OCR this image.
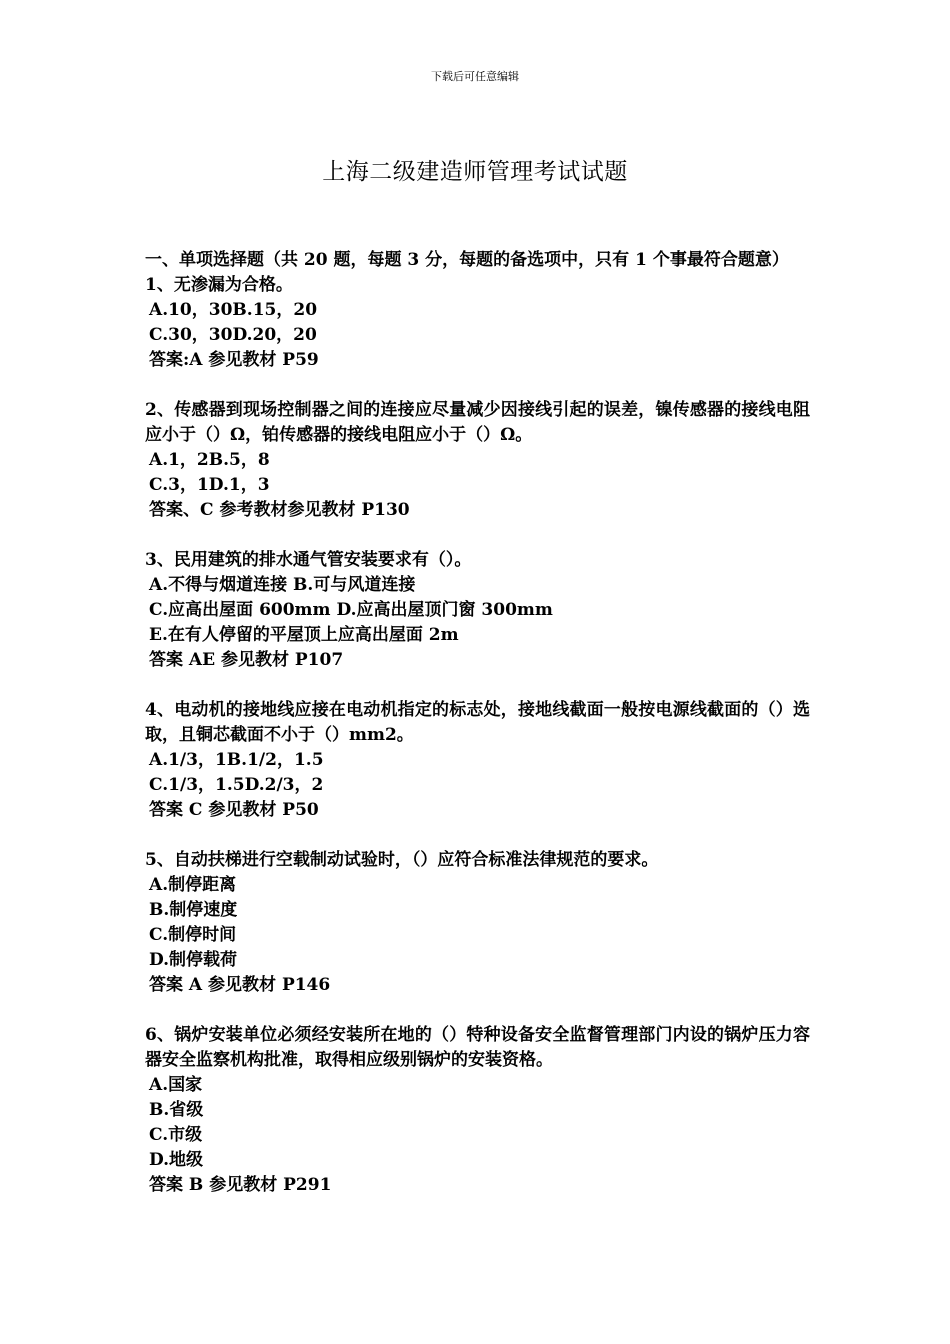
下载后可任意编辑
上海二级建造师管理考试试题

一、单项选择题（共 20 题，每题 3 分，每题的备选项中，只有 1 个事最符合题意）

1、无渗漏为合格。

A.10，30B.15，20

C.30，30D.20，20

答案:A 参见教材 P59

2、传感器到现场控制器之间的连接应尽量减少因接线引起的误差，镍传感器的接线电阻应小于（）Ω，铂传感器的接线电阻应小于（）Ω。

A.1，2B.5，8

C.3，1D.1，3

答案、C 参考教材参见教材 P130

3、民用建筑的排水通气管安装要求有（）。

A.不得与烟道连接 B.可与风道连接

C.应高出屋面 600mm D.应高出屋顶门窗 300mm

E.在有人停留的平屋顶上应高出屋面 2m

答案 AE 参见教材 P107

4、电动机的接地线应接在电动机指定的标志处，接地线截面一般按电源线截面的（）选取，且铜芯截面不小于（）mm2。

A.1/3，1B.1/2，1.5

C.1/3，1.5D.2/3，2

答案 C 参见教材 P50

5、自动扶梯进行空载制动试验时，（）应符合标准法律规范的要求。

A.制停距离

B.制停速度

C.制停时间

D.制停载荷

答案 A 参见教材 P146

6、锅炉安装单位必须经安装所在地的（）特种设备安全监督管理部门内设的锅炉压力容器安全监察机构批准，取得相应级别锅炉的安装资格。

A.国家

B.省级

C.市级

D.地级

答案 B 参见教材 P291
